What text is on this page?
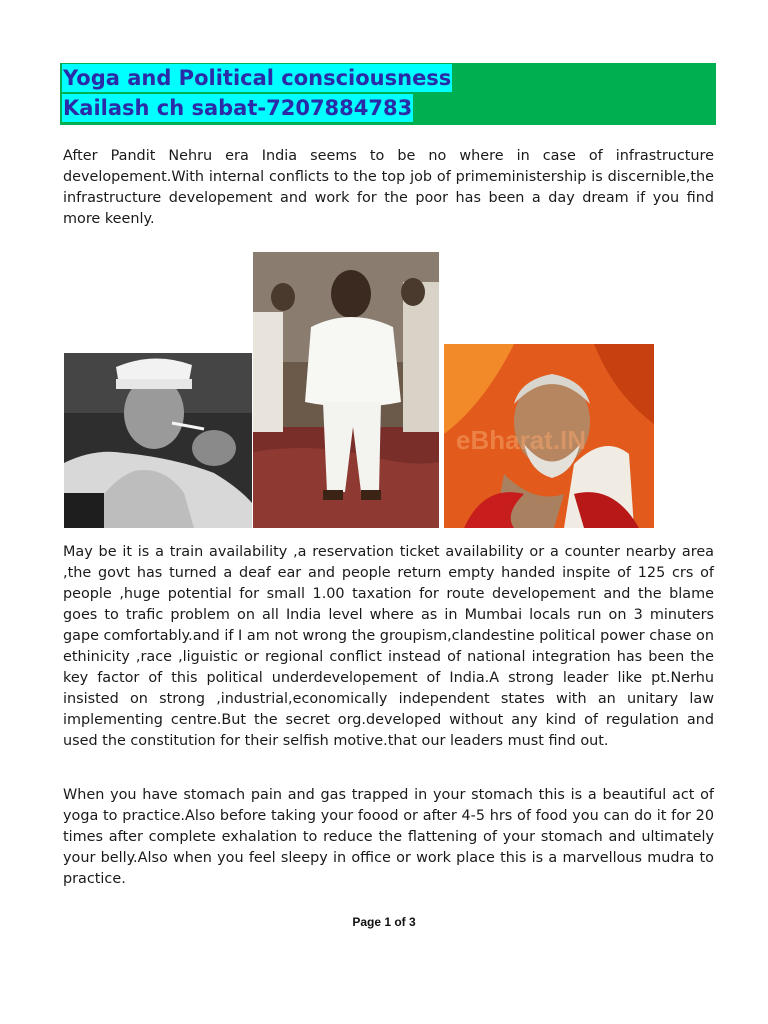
Yoga and Political consciousness
Kailash ch sabat-7207884783

After Pandit Nehru era India seems to be no where in case of infrastructure developement.With internal conflicts to the top job of primeministership is discernible,the infrastructure developement and work for the poor has been a day dream if you find more keenly.

eBharat.IN

May be it is a train availability ,a reservation ticket availability or a counter nearby area ,the govt has turned a deaf ear and people return empty handed inspite of 125 crs of people ,huge potential for small 1.00 taxation for route developement and the blame goes to trafic problem on all India level where as in Mumbai locals run on 3 minuters gape comfortably.and if I am not wrong the groupism,clandestine political power chase on ethinicity ,race ,liguistic or regional conflict instead of national integration has been the key factor of this political underdevelopement of India.A strong leader like pt.Nerhu insisted on strong ,industrial,economically independent states with an unitary law implementing centre.But the secret org.developed without any kind of regulation and used the constitution for their selfish motive.that our leaders must find out.

When you have stomach pain and gas trapped in your stomach this is a beautiful act of yoga to practice.Also before taking your foood or after 4-5 hrs of food you can do it for 20 times after complete exhalation to reduce the flattening of your stomach and ultimately your belly.Also when you feel sleepy in office or work place this is a marvellous mudra to practice.

Page 1 of 3
